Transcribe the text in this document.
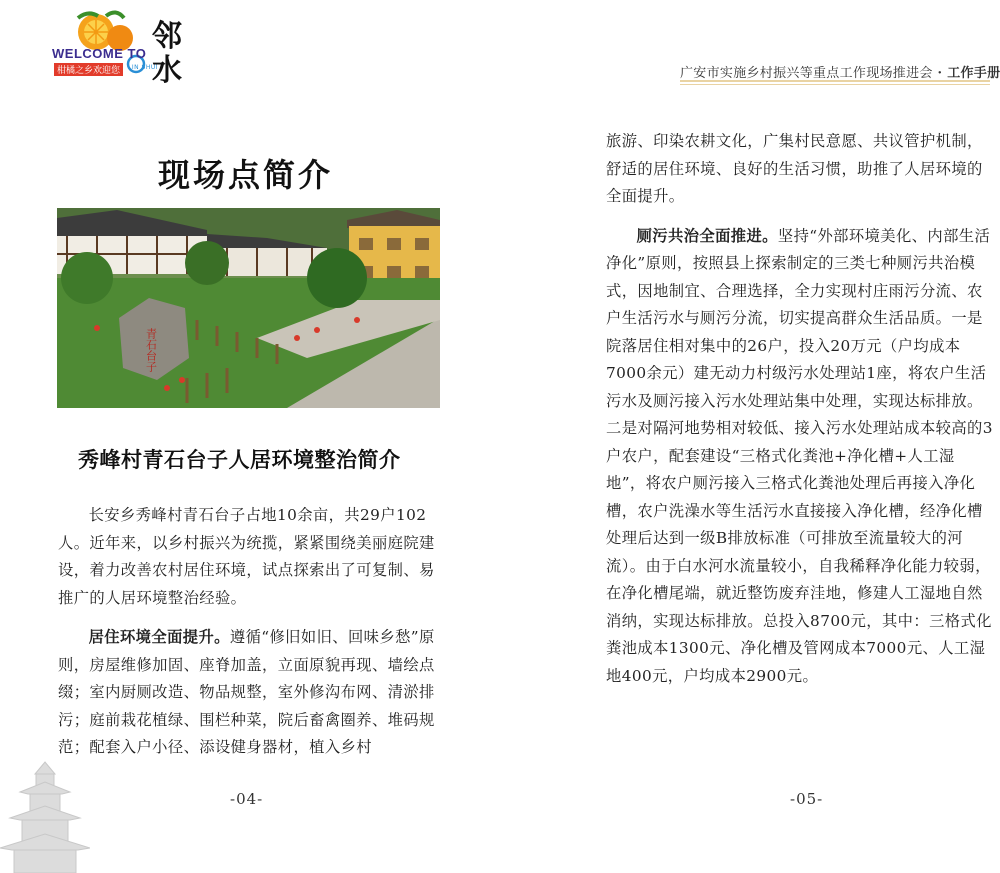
WELCOME TO
柑橘之乡欢迎您
邻水
LIN SHUI	广安市实施乡村振兴等重点工作现场推进会 · 工作手册
现场点简介
青石台子
秀峰村青石台子人居环境整治简介

长安乡秀峰村青石台子占地10余亩，共29户102人。近年来，以乡村振兴为统揽，紧紧围绕美丽庭院建设，着力改善农村居住环境，试点探索出了可复制、易推广的人居环境整治经验。

居住环境全面提升。遵循“修旧如旧、回味乡愁”原则，房屋维修加固、座脊加盖，立面原貌再现、墙绘点缀；室内厨厕改造、物品规整，室外修沟布网、清淤排污；庭前栽花植绿、围栏种菜，院后畜禽圈养、堆码规范；配套入户小径、添设健身器材，植入乡村

-04-

旅游、印染农耕文化，广集村民意愿、共议管护机制，舒适的居住环境、良好的生活习惯，助推了人居环境的全面提升。

厕污共治全面推进。坚持“外部环境美化、内部生活净化”原则，按照县上探索制定的三类七种厕污共治模式，因地制宜、合理选择，全力实现村庄雨污分流、农户生活污水与厕污分流，切实提高群众生活品质。一是院落居住相对集中的26户，投入20万元（户均成本7000余元）建无动力村级污水处理站1座，将农户生活污水及厕污接入污水处理站集中处理，实现达标排放。二是对隔河地势相对较低、接入污水处理站成本较高的3户农户，配套建设“三格式化粪池+净化槽+人工湿地”，将农户厕污接入三格式化粪池处理后再接入净化槽，农户洗澡水等生活污水直接接入净化槽，经净化槽处理后达到一级B排放标准（可排放至流量较大的河流）。由于白水河水流量较小，自我稀释净化能力较弱，在净化槽尾端，就近整饬废弃洼地，修建人工湿地自然消纳，实现达标排放。总投入8700元，其中：三格式化粪池成本1300元、净化槽及管网成本7000元、人工湿地400元，户均成本2900元。

-05-
